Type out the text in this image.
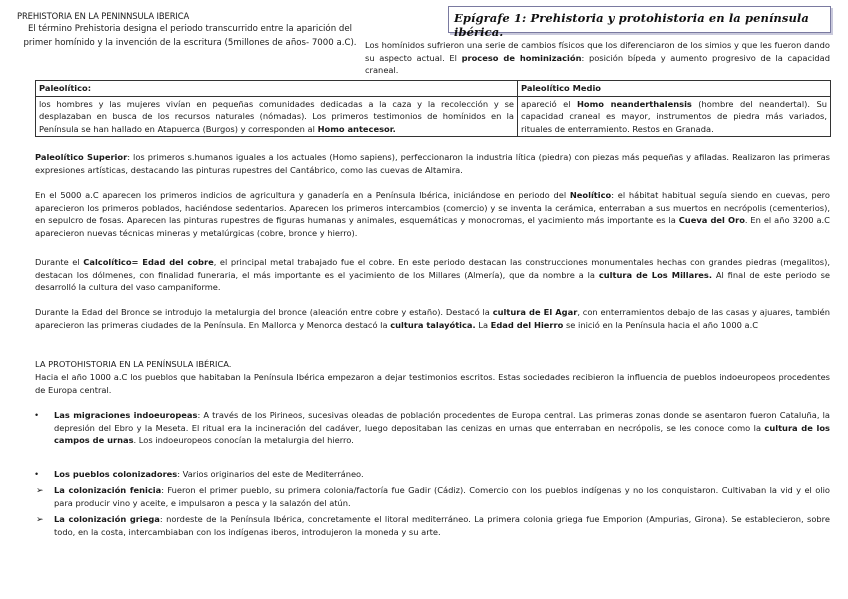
PREHISTORIA EN LA PENINNSULA IBERICA
El término Prehistoria designa el periodo transcurrido entre la aparición del primer homínido y la invención de la escritura (5millones de años- 7000 a.C).
Epígrafe 1: Prehistoria y protohistoria en la península ibérica.
Los homínidos sufrieron una serie de cambios físicos que los diferenciaron de los simios y que les fueron dando su aspecto actual. El proceso de hominización: posición bípeda y aumento progresivo de la capacidad craneal.
Paleolítico:	Paleolítico Medio
los hombres y las mujeres vivían en pequeñas comunidades dedicadas a la caza y la recolección y se desplazaban en busca de los recursos naturales (nómadas). Los primeros testimonios de homínidos en la Península se han hallado en Atapuerca (Burgos) y corresponden al Homo antecesor.	apareció el Homo neanderthalensis (hombre del neandertal). Su capacidad craneal es mayor, instrumentos de piedra más variados, rituales de enterramiento. Restos en Granada.
Paleolítico Superior: los primeros s.humanos iguales a los actuales (Homo sapiens), perfeccionaron la industria lítica (piedra) con piezas más pequeñas y afiladas. Realizaron las primeras expresiones artísticas, destacando las pinturas rupestres del Cantábrico, como las cuevas de Altamira.
En el 5000 a.C aparecen los primeros indicios de agricultura y ganadería en a Península Ibérica, iniciándose en periodo del Neolítico: el hábitat habitual seguía siendo en cuevas, pero aparecieron los primeros poblados, haciéndose sedentarios. Aparecen los primeros intercambios (comercio) y se inventa la cerámica, enterraban a sus muertos en necrópolis (cementerios), en sepulcro de fosas. Aparecen las pinturas rupestres de figuras humanas y animales, esquemáticas y monocromas, el yacimiento más importante es la Cueva del Oro. En el año 3200 a.C aparecieron nuevas técnicas mineras y metalúrgicas (cobre, bronce y hierro).
Durante el Calcolítico= Edad del cobre, el principal metal trabajado fue el cobre. En este periodo destacan las construcciones monumentales hechas con grandes piedras (megalitos), destacan los dólmenes, con finalidad funeraria, el más importante es el yacimiento de los Millares (Almería), que da nombre a la cultura de Los Millares. Al final de este periodo se desarrolló la cultura del vaso campaniforme.
Durante la Edad del Bronce se introdujo la metalurgia del bronce (aleación entre cobre y estaño). Destacó la cultura de El Agar, con enterramientos debajo de las casas y ajuares, también aparecieron las primeras ciudades de la Península. En Mallorca y Menorca destacó la cultura talayótica. La Edad del Hierro se inició en la Península hacia el año 1000 a.C
LA PROTOHISTORIA EN LA PENÍNSULA IBÉRICA.
Hacia el año 1000 a.C los pueblos que habitaban la Península Ibérica empezaron a dejar testimonios escritos. Estas sociedades recibieron la influencia de pueblos indoeuropeos procedentes de Europa central.
• Las migraciones indoeuropeas: A través de los Pirineos, sucesivas oleadas de población procedentes de Europa central. Las primeras zonas donde se asentaron fueron Cataluña, la depresión del Ebro y la Meseta. El ritual era la incineración del cadáver, luego depositaban las cenizas en urnas que enterraban en necrópolis, se les conoce como la cultura de los campos de urnas. Los indoeuropeos conocían la metalurgia del hierro.
• Los pueblos colonizadores: Varios originarios del este de Mediterráneo.
➢ La colonización fenicia: Fueron el primer pueblo, su primera colonia/factoría fue Gadir (Cádiz). Comercio con los pueblos indígenas y no los conquistaron. Cultivaban la vid y el olio para producir vino y aceite, e impulsaron a pesca y la salazón del atún.
➢ La colonización griega: nordeste de la Península Ibérica, concretamente el litoral mediterráneo. La primera colonia griega fue Emporion (Ampurias, Girona). Se establecieron, sobre todo, en la costa, intercambiaban con los indígenas iberos, introdujeron la moneda y su arte.
